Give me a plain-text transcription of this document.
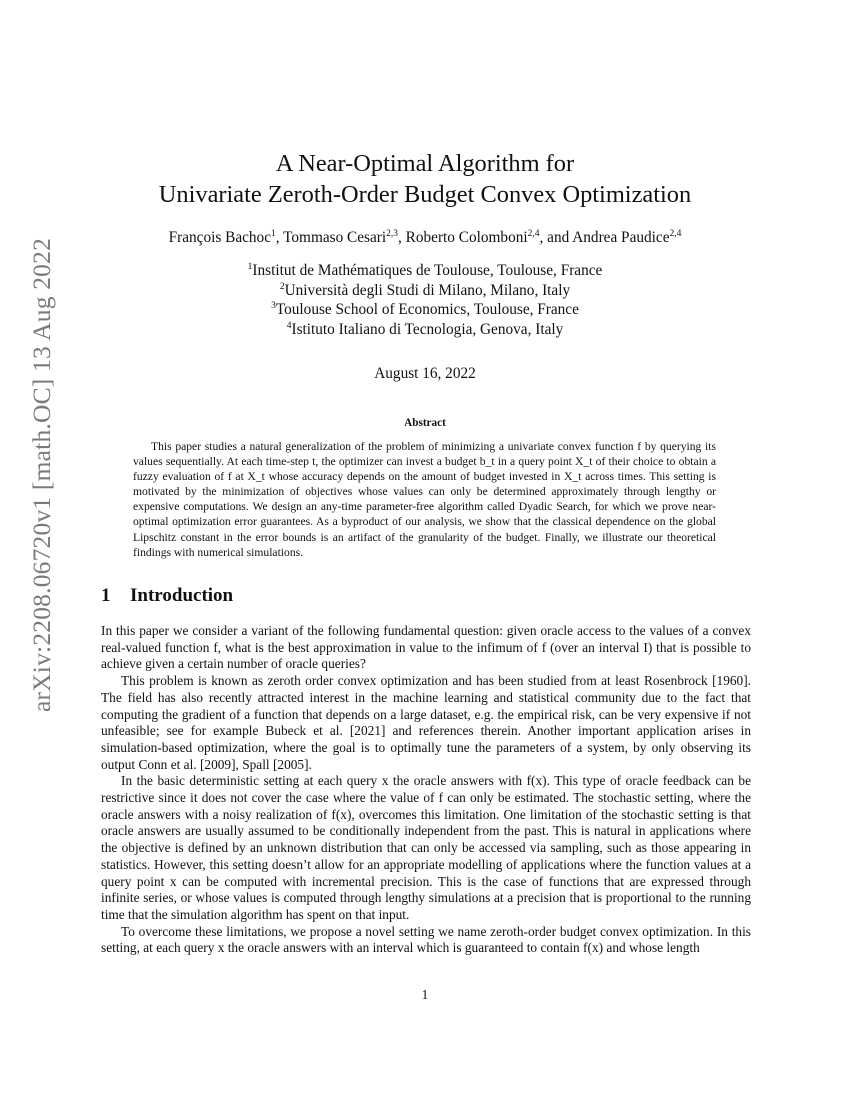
arXiv:2208.06720v1 [math.OC] 13 Aug 2022
A Near-Optimal Algorithm for
Univariate Zeroth-Order Budget Convex Optimization
François Bachoc$^1$, Tommaso Cesari$^{2,3}$, Roberto Colomboni$^{2,4}$, and Andrea Paudice$^{2,4}$
$^1$Institut de Mathématiques de Toulouse, Toulouse, France
$^2$Università degli Studi di Milano, Milano, Italy
$^3$Toulouse School of Economics, Toulouse, France
$^4$Istituto Italiano di Tecnologia, Genova, Italy
August 16, 2022
Abstract
This paper studies a natural generalization of the problem of minimizing a univariate convex function f by querying its values sequentially. At each time-step t, the optimizer can invest a budget b_t in a query point X_t of their choice to obtain a fuzzy evaluation of f at X_t whose accuracy depends on the amount of budget invested in X_t across times. This setting is motivated by the minimization of objectives whose values can only be determined approximately through lengthy or expensive computations. We design an any-time parameter-free algorithm called Dyadic Search, for which we prove near-optimal optimization error guarantees. As a byproduct of our analysis, we show that the classical dependence on the global Lipschitz constant in the error bounds is an artifact of the granularity of the budget. Finally, we illustrate our theoretical findings with numerical simulations.
1 Introduction

In this paper we consider a variant of the following fundamental question: given oracle access to the values of a convex real-valued function f, what is the best approximation in value to the infimum of f (over an interval I) that is possible to achieve given a certain number of oracle queries?

This problem is known as zeroth order convex optimization and has been studied from at least Rosenbrock [1960]. The field has also recently attracted interest in the machine learning and statistical community due to the fact that computing the gradient of a function that depends on a large dataset, e.g. the empirical risk, can be very expensive if not unfeasible; see for example Bubeck et al. [2021] and references therein. Another important application arises in simulation-based optimization, where the goal is to optimally tune the parameters of a system, by only observing its output Conn et al. [2009], Spall [2005].

In the basic deterministic setting at each query x the oracle answers with f(x). This type of oracle feedback can be restrictive since it does not cover the case where the value of f can only be estimated. The stochastic setting, where the oracle answers with a noisy realization of f(x), overcomes this limitation. One limitation of the stochastic setting is that oracle answers are usually assumed to be conditionally independent from the past. This is natural in applications where the objective is defined by an unknown distribution that can only be accessed via sampling, such as those appearing in statistics. However, this setting doesn’t allow for an appropriate modelling of applications where the function values at a query point x can be computed with incremental precision. This is the case of functions that are expressed through infinite series, or whose values is computed through lengthy simulations at a precision that is proportional to the running time that the simulation algorithm has spent on that input.

To overcome these limitations, we propose a novel setting we name zeroth-order budget convex optimization. In this setting, at each query x the oracle answers with an interval which is guaranteed to contain f(x) and whose length

1
